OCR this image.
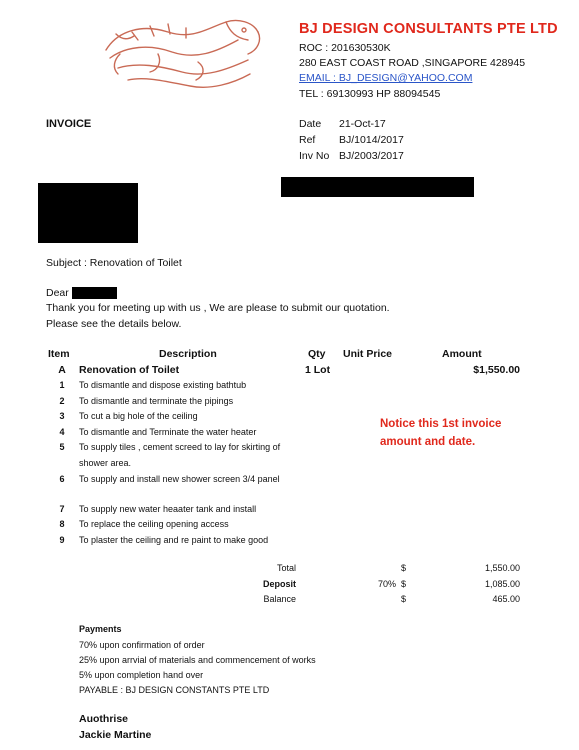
BJ DESIGN CONSULTANTS PTE LTD
ROC : 201630530K
280 EAST COAST ROAD ,SINGAPORE 428945
EMAIL : BJ_DESIGN@YAHOO.COM
TEL : 69130993 HP 88094545
INVOICE	Date 21-Oct-17
Ref BJ/1014/2017
Inv No BJ/2003/2017
Subject : Renovation of Toilet
Dear
Thank you for meeting up with us , We are please to submit our quotation.
Please see the details below.
Item	Description	Qty Unit Price	Amount
A Renovation of Toilet	1 Lot	$1,550.00
1 To dismantle and dispose existing bathtub
2 To dismantle and terminate the pipings
3 To cut a big hole of the ceiling
4 To dismantle and Terminate the water heater
5 To supply tiles , cement screed to lay for skirting of shower area.
6 To supply and install new shower screen 3/4 panel
7 To supply new water heaater tank and install
8 To replace the ceiling opening access
9 To plaster the ceiling and re paint to make good
Notice this 1st invoice amount and date.
Total	$	1,550.00
Deposit	70% $	1,085.00
Balance	$	465.00
Payments
70% upon confirmation of order
25% upon arrvial of materials and commencement of works
5% upon completion hand over
PAYABLE : BJ DESIGN CONSTANTS PTE LTD
Auothrise
Jackie Martine
